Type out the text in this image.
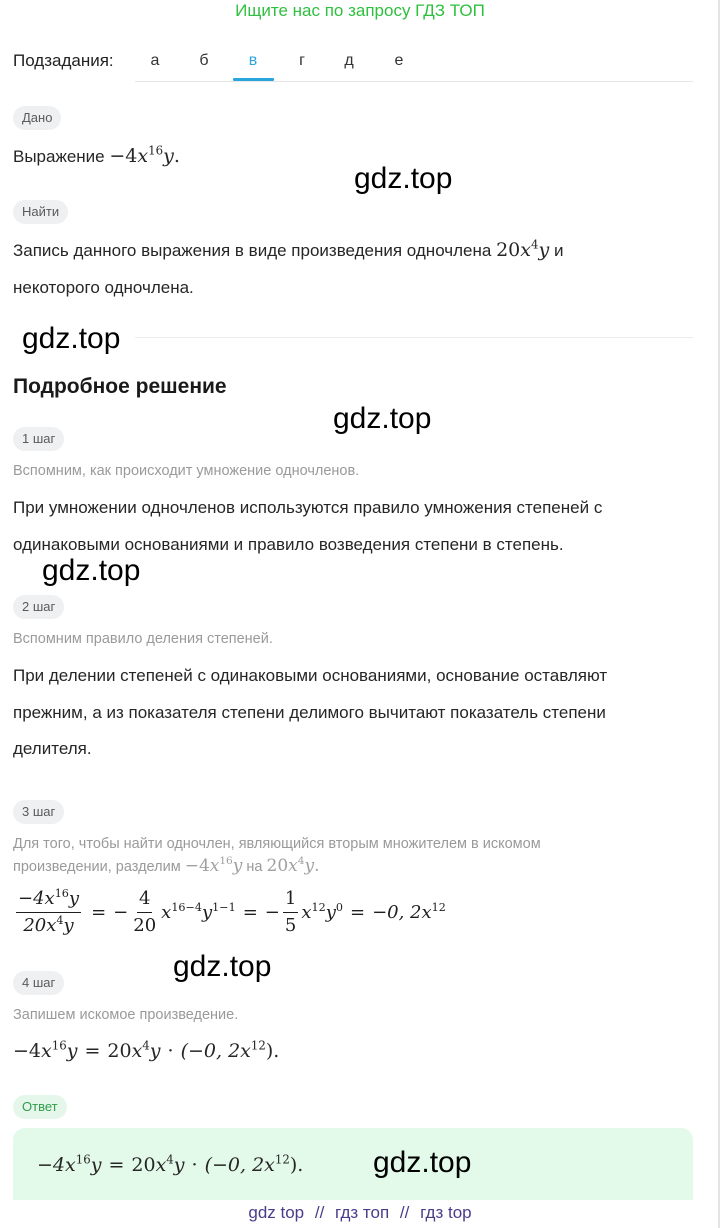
Ищите нас по запросу ГДЗ ТОП
Подзадания:	а	б	в	г	д	е
Дано
Выражение $-4x^{16}y$.
gdz.top
Найти
Запись данного выражения в виде произведения одночлена $20x^4y$ и
некоторого одночлена.
gdz.top
Подробное решение
gdz.top
1 шаг
Вспомним, как происходит умножение одночленов.
При умножении одночленов используются правило умножения степеней с
одинаковыми основаниями и правило возведения степени в степень.
gdz.top
2 шаг
Вспомним правило деления степеней.
При делении степеней с одинаковыми основаниями, основание оставляют
прежним, а из показателя степени делимого вычитают показатель степени
делителя.
3 шаг
Для того, чтобы найти одночлен, являющийся вторым множителем в искомом
произведении, разделим $-4x^{16}y$ на $20x^4y$.
$\frac{-4x^{16}y}{20x^4y}$ = − $\frac{4}{20} x^{16-4}y^{1-1}$ = − $\frac{1}{5} x^{12}y^0 = -0$, $2x^{12}$
gdz.top
4 шаг
Запишем искомое произведение.
$-4x^{16}y = 20x^4y \cdot (-0$, $2x^{12}$).
Ответ
$-4x^{16}y = 20x^4y \cdot (-0$, $2x^{12}$). gdz.top
gdz top // гдз топ // гдз top
